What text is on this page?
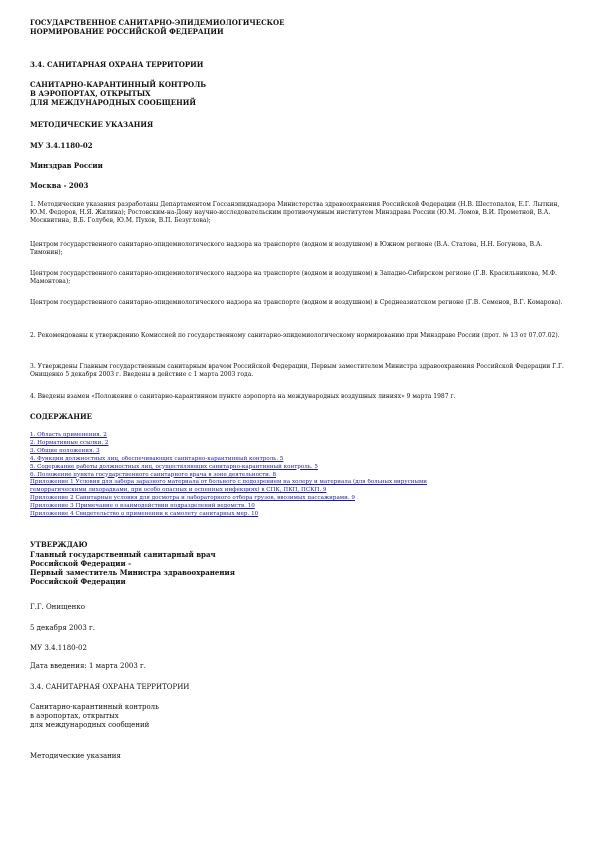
ГОСУДАРСТВЕННОЕ САНИТАРНО-ЭПИДЕМИОЛОГИЧЕСКОЕ
НОРМИРОВАНИЕ РОССИЙСКОЙ ФЕДЕРАЦИИ
3.4. САНИТАРНАЯ ОХРАНА ТЕРРИТОРИИ
САНИТАРНО-КАРАНТИННЫЙ КОНТРОЛЬ
В АЭРОПОРТАХ, ОТКРЫТЫХ
ДЛЯ МЕЖДУНАРОДНЫХ СООБЩЕНИЙ
МЕТОДИЧЕСКИЕ УКАЗАНИЯ
МУ 3.4.1180-02
Минздрав России
Москва - 2003
1. Методические указания разработаны Департаментом Госсанэпиднадзора Министерства здравоохранения Российской Федерации (Н.В. Шестопалов, Е.Г. Лыткин, Ю.М. Федоров, Н.Я. Жилина); Ростовским-на-Дону научно-исследовательским противочумным институтом Минздрава России (Ю.М. Ломов, В.И. Прометной, В.А. Москвитина, В.Б. Голубев, Ю.М. Пухов, В.П. Безуглова);
Центром государственного санитарно-эпидемиологического надзора на транспорте (водном и воздушном) в Южном регионе (В.А. Статова, Н.Н. Богунова, В.А. Тимонин);
Центром государственного санитарно-эпидемиологического надзора на транспорте (водном и воздушном) в Западно-Сибирском регионе (Г.В. Красильникова, М.Ф. Мамонтова);
Центром государственного санитарно-эпидемиологического надзора на транспорте (водном и воздушном) в Среднеазиатском регионе (Г.В. Семенов, В.Г. Комарова).
2. Рекомендованы к утверждению Комиссией по государственному санитарно-эпидемиологическому нормированию при Минздраве России (прот. № 13 от 07.07.02).
3. Утверждены Главным государственным санитарным врачом Российской Федерации, Первым заместителем Министра здравоохранения Российской Федерации Г.Г. Онищенко 5 декабря 2003 г. Введены в действие с 1 марта 2003 года.
4. Введены взамен «Положения о санитарно-карантинном пункте аэропорта на международных воздушных линиях» 9 марта 1987 г.
СОДЕРЖАНИЕ
1. Область применения. 2
2. Нормативные ссылки. 2
3. Общие положения. 3
4. Функции должностных лиц, обеспечивающих санитарно-карантинный контроль. 5
5. Содержание работы должностных лиц, осуществляющих санитарно-карантинный контроль. 5
6. Положение пункта государственного санитарного врача в зоне деятельности. 8
Приложение 1 Условия для забора заразного материала от больного с подозрением на холеру и материала (для больных вирусными
геморрагическими лихорадками, при особо опасных и оспенных инфекциях) в СПК, ПКП, ПСКП. 9
Приложение 2 Санитарные условия для досмотра и лабораторного отбора грузов, ввозимых пассажирами. 9
Приложение 3 Примечание о взаимодействии подразделений ведомств. 10
Приложение 4 Свидетельство о применении к самолету санитарных мер. 10
УТВЕРЖДАЮ
Главный государственный санитарный врач
Российской Федерации -
Первый заместитель Министра здравоохранения
Российской Федерации
Г.Г. Онищенко
5 декабря 2003 г.
МУ 3.4.1180-02
Дата введения: 1 марта 2003 г.
3.4. САНИТАРНАЯ ОХРАНА ТЕРРИТОРИИ
Санитарно-карантинный контроль
в аэропортах, открытых
для международных сообщений
Методические указания
